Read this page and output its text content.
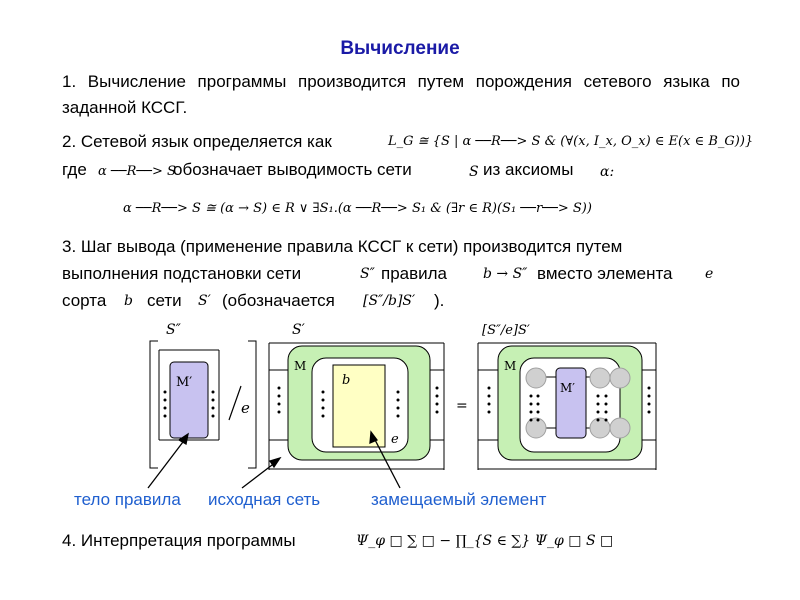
Вычисление
1. Вычисление программы производится путем порождения сетевого языка по заданной КССГ.
2. Сетевой язык определяется как	L_G ≅ {S | α ──R──> S & (∀(x, I_x, O_x) ∈ E(x ∈ B_G))}
где α ──R──> S
обозначает выводимость сети	S из аксиомы α:
α ──R──> S ≅ (α → S) ∈ R ∨ ∃S₁.(α ──R──> S₁ & (∃r ∈ R)(S₁ ──r──> S))
3. Шаг вывода (применение правила КССГ к сети) производится путем
выполнения подстановки сети	S″ правила	b → S″ вместо элемента e
сорта b сети S′ (обозначается [S″/b]S′ ).
S″
M′
e
S′
M
b
e
=
[S″/e]S′
M
M′
тело правила исходная сеть	замещаемый элемент
4. Интерпретация программы	Ψ_φ □ ∑ □ − ∏_{S ∈ ∑} Ψ_φ □ S □
